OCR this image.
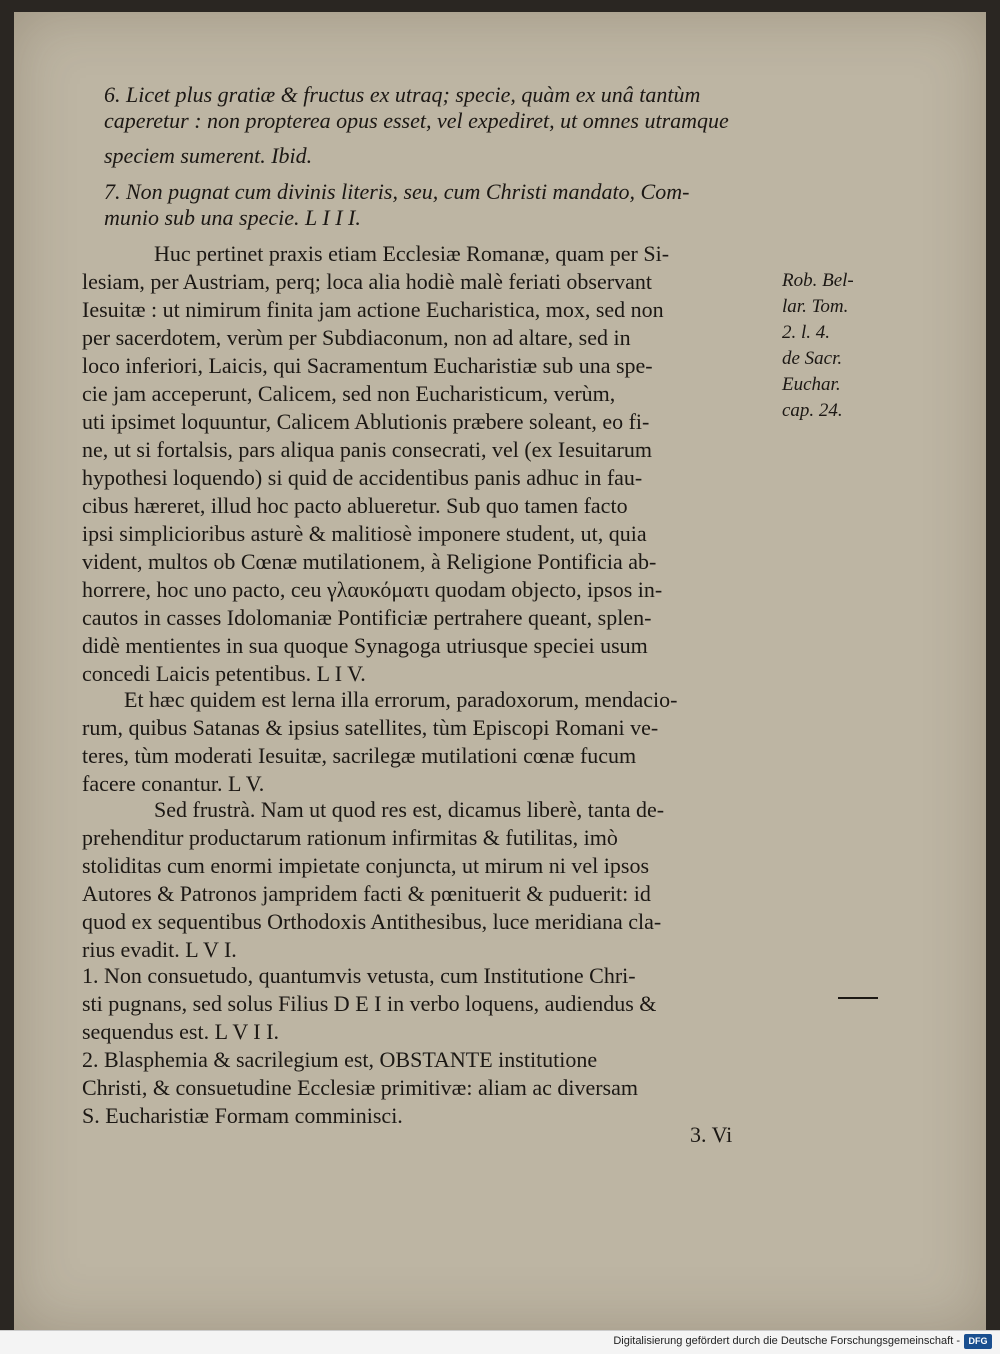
6. Licet plus gratiæ & fructus ex utraq; specie, quàm ex unâ tantùm
caperetur : non propterea opus esset, vel expediret, ut omnes utramque
speciem sumerent. Ibid.
7. Non pugnat cum divinis literis, seu, cum Christi mandato, Com-
munio sub una specie. L I I I.
Huc pertinet praxis etiam Ecclesiæ Romanæ, quam per Si-
lesiam, per Austriam, perq; loca alia hodiè malè feriati observant
Iesuitæ : ut nimirum finita jam actione Eucharistica, mox, sed non
per sacerdotem, verùm per Subdiaconum, non ad altare, sed in
loco inferiori, Laicis, qui Sacramentum Eucharistiæ sub una spe-
cie jam acceperunt, Calicem, sed non Eucharisticum, verùm,
uti ipsimet loquuntur, Calicem Ablutionis præbere soleant, eo fi-
ne, ut si fortalsis, pars aliqua panis consecrati, vel (ex Iesuitarum
hypothesi loquendo) si quid de accidentibus panis adhuc in fau-
cibus hæreret, illud hoc pacto ablueretur. Sub quo tamen facto
ipsi simplicioribus asturè & malitiosè imponere student, ut, quia
vident, multos ob Cœnæ mutilationem, à Religione Pontificia ab-
horrere, hoc uno pacto, ceu γλαυκόματι quodam objecto, ipsos in-
cautos in casses Idolomaniæ Pontificiæ pertrahere queant, splen-
didè mentientes in sua quoque Synagoga utriusque speciei usum
concedi Laicis petentibus. L I V.
Et hæc quidem est lerna illa errorum, paradoxorum, mendacio-
rum, quibus Satanas & ipsius satellites, tùm Episcopi Romani ve-
teres, tùm moderati Iesuitæ, sacrilegæ mutilationi cœnæ fucum
facere conantur. L V.
Sed frustrà. Nam ut quod res est, dicamus liberè, tanta de-
prehenditur productarum rationum infirmitas & futilitas, imò
stoliditas cum enormi impietate conjuncta, ut mirum ni vel ipsos
Autores & Patronos jampridem facti & pœnituerit & puduerit: id
quod ex sequentibus Orthodoxis Antithesibus, luce meridiana cla-
rius evadit. L V I.
1. Non consuetudo, quantumvis vetusta, cum Institutione Chri-
sti pugnans, sed solus Filius D E I in verbo loquens, audiendus &
sequendus est. L V I I.
2. Blasphemia & sacrilegium est, OBSTANTE institutione
Christi, & consuetudine Ecclesiæ primitivæ: aliam ac diversam
S. Eucharistiæ Formam comminisci.
Rob. Bel-
lar. Tom.
2. l. 4.
de Sacr.
Euchar.
cap. 24.
3. Vi
Digitalisierung gefördert durch die Deutsche Forschungsgemeinschaft - DFG
